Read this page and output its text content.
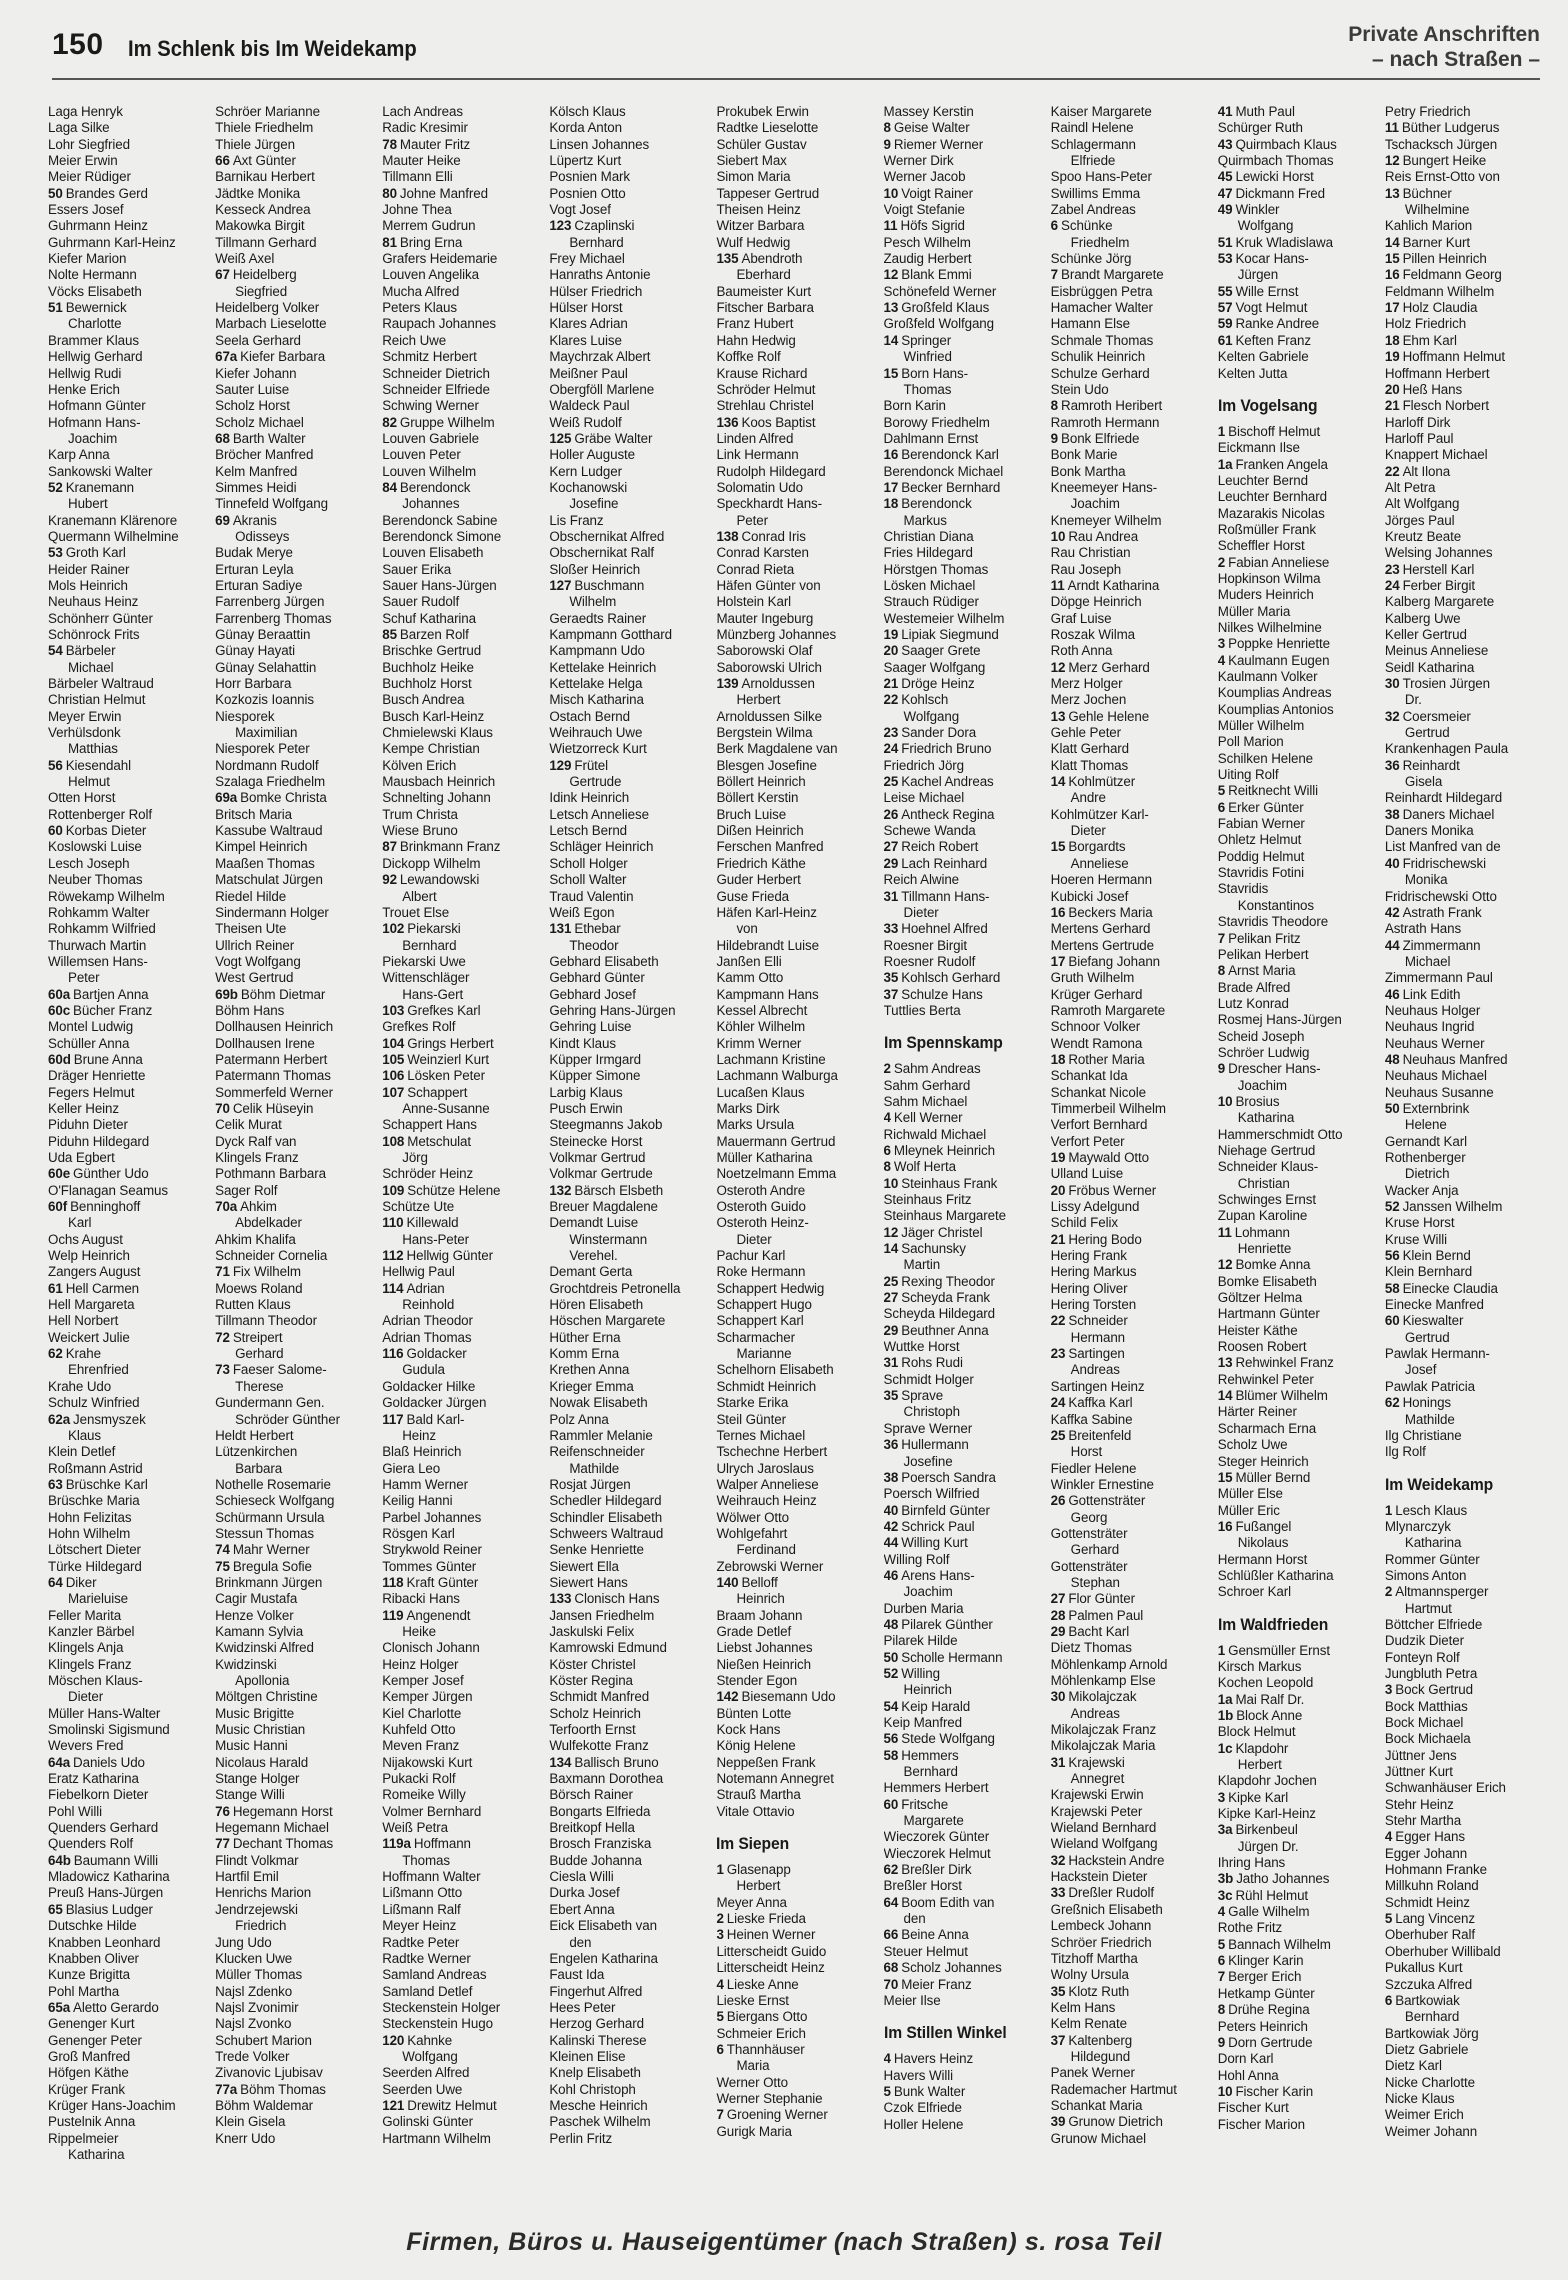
150 Im Schlenk bis Im Weidekamp
Private Anschriften
– nach Straßen –
Laga Henryk
Laga Silke
Lohr Siegfried
Meier Erwin
Meier Rüdiger
50 Brandes Gerd
Essers Josef
Guhrmann Heinz
Guhrmann Karl-Heinz
Kiefer Marion
Nolte Hermann
Vöcks Elisabeth
51 Bewernick
Charlotte
Brammer Klaus
Hellwig Gerhard
Hellwig Rudi
Henke Erich
Hofmann Günter
Hofmann Hans-
Joachim
Karp Anna
Sankowski Walter
52 Kranemann
Hubert
Kranemann Klärenore
Quermann Wilhelmine
53 Groth Karl
Heider Rainer
Mols Heinrich
Neuhaus Heinz
Schönherr Günter
Schönrock Frits
54 Bärbeler
Michael
Bärbeler Waltraud
Christian Helmut
Meyer Erwin
Verhülsdonk
Matthias
56 Kiesendahl
Helmut
Otten Horst
Rottenberger Rolf
60 Korbas Dieter
Koslowski Luise
Lesch Joseph
Neuber Thomas
Röwekamp Wilhelm
Rohkamm Walter
Rohkamm Wilfried
Thurwach Martin
Willemsen Hans-
Peter
60a Bartjen Anna
60c Bücher Franz
Montel Ludwig
Schüller Anna
60d Brune Anna
Dräger Henriette
Fegers Helmut
Keller Heinz
Piduhn Dieter
Piduhn Hildegard
Uda Egbert
60e Günther Udo
O'Flanagan Seamus
60f Benninghoff
Karl
Ochs August
Welp Heinrich
Zangers August
61 Hell Carmen
Hell Margareta
Hell Norbert
Weickert Julie
62 Krahe
Ehrenfried
Krahe Udo
Schulz Winfried
62a Jensmyszek
Klaus
Klein Detlef
Roßmann Astrid
63 Brüschke Karl
Brüschke Maria
Hohn Felizitas
Hohn Wilhelm
Lötschert Dieter
Türke Hildegard
64 Diker
Marieluise
Feller Marita
Kanzler Bärbel
Klingels Anja
Klingels Franz
Möschen Klaus-
Dieter
Müller Hans-Walter
Smolinski Sigismund
Wevers Fred
64a Daniels Udo
Eratz Katharina
Fiebelkorn Dieter
Pohl Willi
Quenders Gerhard
Quenders Rolf
64b Baumann Willi
Mladowicz Katharina
Preuß Hans-Jürgen
65 Blasius Ludger
Dutschke Hilde
Knabben Leonhard
Knabben Oliver
Kunze Brigitta
Pohl Martha
65a Aletto Gerardo
Genenger Kurt
Genenger Peter
Groß Manfred
Höfgen Käthe
Krüger Frank
Krüger Hans-Joachim
Pustelnik Anna
Rippelmeier
Katharina
Schröer Marianne
Thiele Friedhelm
Thiele Jürgen
66 Axt Günter
Barnikau Herbert
Jädtke Monika
Kesseck Andrea
Makowka Birgit
Tillmann Gerhard
Weiß Axel
67 Heidelberg
Siegfried
Heidelberg Volker
Marbach Lieselotte
Seela Gerhard
67a Kiefer Barbara
Kiefer Johann
Sauter Luise
Scholz Horst
Scholz Michael
68 Barth Walter
Bröcher Manfred
Kelm Manfred
Simmes Heidi
Tinnefeld Wolfgang
69 Akranis
Odisseys
Budak Merye
Erturan Leyla
Erturan Sadiye
Farrenberg Jürgen
Farrenberg Thomas
Günay Beraattin
Günay Hayati
Günay Selahattin
Horr Barbara
Kozkozis Ioannis
Niesporek
Maximilian
Niesporek Peter
Nordmann Rudolf
Szalaga Friedhelm
69a Bomke Christa
Britsch Maria
Kassube Waltraud
Kimpel Heinrich
Maaßen Thomas
Matschulat Jürgen
Riedel Hilde
Sindermann Holger
Theisen Ute
Ullrich Reiner
Vogt Wolfgang
West Gertrud
69b Böhm Dietmar
Böhm Hans
Dollhausen Heinrich
Dollhausen Irene
Patermann Herbert
Patermann Thomas
Sommerfeld Werner
70 Celik Hüseyin
Celik Murat
Dyck Ralf van
Klingels Franz
Pothmann Barbara
Sager Rolf
70a Ahkim
Abdelkader
Ahkim Khalifa
Schneider Cornelia
71 Fix Wilhelm
Moews Roland
Rutten Klaus
Tillmann Theodor
72 Streipert
Gerhard
73 Faeser Salome-
Therese
Gundermann Gen.
Schröder Günther
Heldt Herbert
Lützenkirchen
Barbara
Nothelle Rosemarie
Schieseck Wolfgang
Schürmann Ursula
Stessun Thomas
74 Mahr Werner
75 Bregula Sofie
Brinkmann Jürgen
Cagir Mustafa
Henze Volker
Kamann Sylvia
Kwidzinski Alfred
Kwidzinski
Apollonia
Möltgen Christine
Music Brigitte
Music Christian
Music Hanni
Nicolaus Harald
Stange Holger
Stange Willi
76 Hegemann Horst
Hegemann Michael
77 Dechant Thomas
Flindt Volkmar
Hartfil Emil
Henrichs Marion
Jendrzejewski
Friedrich
Jung Udo
Klucken Uwe
Müller Thomas
Najsl Zdenko
Najsl Zvonimir
Najsl Zvonko
Schubert Marion
Trede Volker
Zivanovic Ljubisav
77a Böhm Thomas
Böhm Waldemar
Klein Gisela
Knerr Udo
Lach Andreas
Radic Kresimir
78 Mauter Fritz
Mauter Heike
Tillmann Elli
80 Johne Manfred
Johne Thea
Merrem Gudrun
81 Bring Erna
Grafers Heidemarie
Louven Angelika
Mucha Alfred
Peters Klaus
Raupach Johannes
Reich Uwe
Schmitz Herbert
Schneider Dietrich
Schneider Elfriede
Schwing Werner
82 Gruppe Wilhelm
Louven Gabriele
Louven Peter
Louven Wilhelm
84 Berendonck
Johannes
Berendonck Sabine
Berendonck Simone
Louven Elisabeth
Sauer Erika
Sauer Hans-Jürgen
Sauer Rudolf
Schuf Katharina
85 Barzen Rolf
Brischke Gertrud
Buchholz Heike
Buchholz Horst
Busch Andrea
Busch Karl-Heinz
Chmielewski Klaus
Kempe Christian
Kölven Erich
Mausbach Heinrich
Schnelting Johann
Trum Christa
Wiese Bruno
87 Brinkmann Franz
Dickopp Wilhelm
92 Lewandowski
Albert
Trouet Else
102 Piekarski
Bernhard
Piekarski Uwe
Wittenschläger
Hans-Gert
103 Grefkes Karl
Grefkes Rolf
104 Grings Herbert
105 Weinzierl Kurt
106 Lösken Peter
107 Schappert
Anne-Susanne
Schappert Hans
108 Metschulat
Jörg
Schröder Heinz
109 Schütze Helene
Schütze Ute
110 Killewald
Hans-Peter
112 Hellwig Günter
Hellwig Paul
114 Adrian
Reinhold
Adrian Theodor
Adrian Thomas
116 Goldacker
Gudula
Goldacker Hilke
Goldacker Jürgen
117 Bald Karl-
Heinz
Blaß Heinrich
Giera Leo
Hamm Werner
Keilig Hanni
Parbel Johannes
Rösgen Karl
Strykwold Reiner
Tommes Günter
118 Kraft Günter
Ribacki Hans
119 Angenendt
Heike
Clonisch Johann
Heinz Holger
Kemper Josef
Kemper Jürgen
Kiel Charlotte
Kuhfeld Otto
Meven Franz
Nijakowski Kurt
Pukacki Rolf
Romeike Willy
Volmer Bernhard
Weiß Petra
119a Hoffmann
Thomas
Hoffmann Walter
Lißmann Otto
Lißmann Ralf
Meyer Heinz
Radtke Peter
Radtke Werner
Samland Andreas
Samland Detlef
Steckenstein Holger
Steckenstein Hugo
120 Kahnke
Wolfgang
Seerden Alfred
Seerden Uwe
121 Drewitz Helmut
Golinski Günter
Hartmann Wilhelm
Kölsch Klaus
Korda Anton
Linsen Johannes
Lüpertz Kurt
Posnien Mark
Posnien Otto
Vogt Josef
123 Czaplinski
Bernhard
Frey Michael
Hanraths Antonie
Hülser Friedrich
Hülser Horst
Klares Adrian
Klares Luise
Maychrzak Albert
Meißner Paul
Obergföll Marlene
Waldeck Paul
Weiß Rudolf
125 Gräbe Walter
Holler Auguste
Kern Ludger
Kochanowski
Josefine
Lis Franz
Obschernikat Alfred
Obschernikat Ralf
Sloßer Heinrich
127 Buschmann
Wilhelm
Geraedts Rainer
Kampmann Gotthard
Kampmann Udo
Kettelake Heinrich
Kettelake Helga
Misch Katharina
Ostach Bernd
Weihrauch Uwe
Wietzorreck Kurt
129 Frütel
Gertrude
Idink Heinrich
Letsch Anneliese
Letsch Bernd
Schläger Heinrich
Scholl Holger
Scholl Walter
Traud Valentin
Weiß Egon
131 Ethebar
Theodor
Gebhard Elisabeth
Gebhard Günter
Gebhard Josef
Gehring Hans-Jürgen
Gehring Luise
Kindt Klaus
Küpper Irmgard
Küpper Simone
Larbig Klaus
Pusch Erwin
Steegmanns Jakob
Steinecke Horst
Volkmar Gertrud
Volkmar Gertrude
132 Bärsch Elsbeth
Breuer Magdalene
Demandt Luise
Winstermann
Verehel.
Demant Gerta
Grochtdreis Petronella
Hören Elisabeth
Höschen Margarete
Hüther Erna
Komm Erna
Krethen Anna
Krieger Emma
Nowak Elisabeth
Polz Anna
Rammler Melanie
Reifenschneider
Mathilde
Rosjat Jürgen
Schedler Hildegard
Schindler Elisabeth
Schweers Waltraud
Senke Henriette
Siewert Ella
Siewert Hans
133 Clonisch Hans
Jansen Friedhelm
Jaskulski Felix
Kamrowski Edmund
Köster Christel
Köster Regina
Schmidt Manfred
Scholz Heinrich
Terfoorth Ernst
Wulfekotte Franz
134 Ballisch Bruno
Baxmann Dorothea
Börsch Rainer
Bongarts Elfrieda
Breitkopf Hella
Brosch Franziska
Budde Johanna
Ciesla Willi
Durka Josef
Ebert Anna
Eick Elisabeth van
den
Engelen Katharina
Faust Ida
Fingerhut Alfred
Hees Peter
Herzog Gerhard
Kalinski Therese
Kleinen Elise
Knelp Elisabeth
Kohl Christoph
Mesche Heinrich
Paschek Wilhelm
Perlin Fritz
Prokubek Erwin
Radtke Lieselotte
Schüler Gustav
Siebert Max
Simon Maria
Tappeser Gertrud
Theisen Heinz
Witzer Barbara
Wulf Hedwig
135 Abendroth
Eberhard
Baumeister Kurt
Fitscher Barbara
Franz Hubert
Hahn Hedwig
Koffke Rolf
Krause Richard
Schröder Helmut
Strehlau Christel
136 Koos Baptist
Linden Alfred
Link Hermann
Rudolph Hildegard
Solomatin Udo
Speckhardt Hans-
Peter
138 Conrad Iris
Conrad Karsten
Conrad Rieta
Häfen Günter von
Holstein Karl
Mauter Ingeburg
Münzberg Johannes
Saborowski Olaf
Saborowski Ulrich
139 Arnoldussen
Herbert
Arnoldussen Silke
Bergstein Wilma
Berk Magdalene van
Blesgen Josefine
Böllert Heinrich
Böllert Kerstin
Bruch Luise
Dißen Heinrich
Ferschen Manfred
Friedrich Käthe
Guder Herbert
Guse Frieda
Häfen Karl-Heinz
von
Hildebrandt Luise
Janßen Elli
Kamm Otto
Kampmann Hans
Kessel Albrecht
Köhler Wilhelm
Krimm Werner
Lachmann Kristine
Lachmann Walburga
Lucaßen Klaus
Marks Dirk
Marks Ursula
Mauermann Gertrud
Müller Katharina
Noetzelmann Emma
Osteroth Andre
Osteroth Guido
Osteroth Heinz-
Dieter
Pachur Karl
Roke Hermann
Schappert Hedwig
Schappert Hugo
Schappert Karl
Scharmacher
Marianne
Schelhorn Elisabeth
Schmidt Heinrich
Starke Erika
Steil Günter
Ternes Michael
Tschechne Herbert
Ulrych Jaroslaus
Walper Anneliese
Weihrauch Heinz
Wölwer Otto
Wohlgefahrt
Ferdinand
Zebrowski Werner
140 Belloff
Heinrich
Braam Johann
Grade Detlef
Liebst Johannes
Nießen Heinrich
Stender Egon
142 Biesemann Udo
Bünten Lotte
Kock Hans
König Helene
Neppeßen Frank
Notemann Annegret
Strauß Martha
Vitale Ottavio
Im Siepen
1 Glasenapp
Herbert
Meyer Anna
2 Lieske Frieda
3 Heinen Werner
Litterscheidt Guido
Litterscheidt Heinz
4 Lieske Anne
Lieske Ernst
5 Biergans Otto
Schmeier Erich
6 Thannhäuser
Maria
Werner Otto
Werner Stephanie
7 Groening Werner
Gurigk Maria
Massey Kerstin
8 Geise Walter
9 Riemer Werner
Werner Dirk
Werner Jacob
10 Voigt Rainer
Voigt Stefanie
11 Höfs Sigrid
Pesch Wilhelm
Zaudig Herbert
12 Blank Emmi
Schönefeld Werner
13 Großfeld Klaus
Großfeld Wolfgang
14 Springer
Winfried
15 Born Hans-
Thomas
Born Karin
Borowy Friedhelm
Dahlmann Ernst
16 Berendonck Karl
Berendonck Michael
17 Becker Bernhard
18 Berendonck
Markus
Christian Diana
Fries Hildegard
Hörstgen Thomas
Lösken Michael
Strauch Rüdiger
Westemeier Wilhelm
19 Lipiak Siegmund
20 Saager Grete
Saager Wolfgang
21 Dröge Heinz
22 Kohlsch
Wolfgang
23 Sander Dora
24 Friedrich Bruno
Friedrich Jörg
25 Kachel Andreas
Leise Michael
26 Antheck Regina
Schewe Wanda
27 Reich Robert
29 Lach Reinhard
Reich Alwine
31 Tillmann Hans-
Dieter
33 Hoehnel Alfred
Roesner Birgit
Roesner Rudolf
35 Kohlsch Gerhard
37 Schulze Hans
Tuttlies Berta
Im Spennskamp
2 Sahm Andreas
Sahm Gerhard
Sahm Michael
4 Kell Werner
Richwald Michael
6 Mleynek Heinrich
8 Wolf Herta
10 Steinhaus Frank
Steinhaus Fritz
Steinhaus Margarete
12 Jäger Christel
14 Sachunsky
Martin
25 Rexing Theodor
27 Scheyda Frank
Scheyda Hildegard
29 Beuthner Anna
Wuttke Horst
31 Rohs Rudi
Schmidt Holger
35 Sprave
Christoph
Sprave Werner
36 Hullermann
Josefine
38 Poersch Sandra
Poersch Wilfried
40 Birnfeld Günter
42 Schrick Paul
44 Willing Kurt
Willing Rolf
46 Arens Hans-
Joachim
Durben Maria
48 Pilarek Günther
Pilarek Hilde
50 Scholle Hermann
52 Willing
Heinrich
54 Keip Harald
Keip Manfred
56 Stede Wolfgang
58 Hemmers
Bernhard
Hemmers Herbert
60 Fritsche
Margarete
Wieczorek Günter
Wieczorek Helmut
62 Breßler Dirk
Breßler Horst
64 Boom Edith van
den
66 Beine Anna
Steuer Helmut
68 Scholz Johannes
70 Meier Franz
Meier Ilse
Im Stillen Winkel
4 Havers Heinz
Havers Willi
5 Bunk Walter
Czok Elfriede
Holler Helene
Kaiser Margarete
Raindl Helene
Schlagermann
Elfriede
Spoo Hans-Peter
Swillims Emma
Zabel Andreas
6 Schünke
Friedhelm
Schünke Jörg
7 Brandt Margarete
Eisbrüggen Petra
Hamacher Walter
Hamann Else
Schmale Thomas
Schulik Heinrich
Schulze Gerhard
Stein Udo
8 Ramroth Heribert
Ramroth Hermann
9 Bonk Elfriede
Bonk Marie
Bonk Martha
Kneemeyer Hans-
Joachim
Knemeyer Wilhelm
10 Rau Andrea
Rau Christian
Rau Joseph
11 Arndt Katharina
Döpge Heinrich
Graf Luise
Roszak Wilma
Roth Anna
12 Merz Gerhard
Merz Holger
Merz Jochen
13 Gehle Helene
Gehle Peter
Klatt Gerhard
Klatt Thomas
14 Kohlmützer
Andre
Kohlmützer Karl-
Dieter
15 Borgardts
Anneliese
Hoeren Hermann
Kubicki Josef
16 Beckers Maria
Mertens Gerhard
Mertens Gertrude
17 Biefang Johann
Gruth Wilhelm
Krüger Gerhard
Ramroth Margarete
Schnoor Volker
Wendt Ramona
18 Rother Maria
Schankat Ida
Schankat Nicole
Timmerbeil Wilhelm
Verfort Bernhard
Verfort Peter
19 Maywald Otto
Ulland Luise
20 Fröbus Werner
Lissy Adelgund
Schild Felix
21 Hering Bodo
Hering Frank
Hering Markus
Hering Oliver
Hering Torsten
22 Schneider
Hermann
23 Sartingen
Andreas
Sartingen Heinz
24 Kaffka Karl
Kaffka Sabine
25 Breitenfeld
Horst
Fiedler Helene
Winkler Ernestine
26 Gottensträter
Georg
Gottensträter
Gerhard
Gottensträter
Stephan
27 Flor Günter
28 Palmen Paul
29 Bacht Karl
Dietz Thomas
Möhlenkamp Arnold
Möhlenkamp Else
30 Mikolajczak
Andreas
Mikolajczak Franz
Mikolajczak Maria
31 Krajewski
Annegret
Krajewski Erwin
Krajewski Peter
Wieland Bernhard
Wieland Wolfgang
32 Hackstein Andre
Hackstein Dieter
33 Dreßler Rudolf
Greßnich Elisabeth
Lembeck Johann
Schröer Friedrich
Titzhoff Martha
Wolny Ursula
35 Klotz Ruth
Kelm Hans
Kelm Renate
37 Kaltenberg
Hildegund
Panek Werner
Rademacher Hartmut
Schankat Maria
39 Grunow Dietrich
Grunow Michael
41 Muth Paul
Schürger Ruth
43 Quirmbach Klaus
Quirmbach Thomas
45 Lewicki Horst
47 Dickmann Fred
49 Winkler
Wolfgang
51 Kruk Wladislawa
53 Kocar Hans-
Jürgen
55 Wille Ernst
57 Vogt Helmut
59 Ranke Andree
61 Keften Franz
Kelten Gabriele
Kelten Jutta
Im Vogelsang
1 Bischoff Helmut
Eickmann Ilse
1a Franken Angela
Leuchter Bernd
Leuchter Bernhard
Mazarakis Nicolas
Roßmüller Frank
Scheffler Horst
2 Fabian Anneliese
Hopkinson Wilma
Muders Heinrich
Müller Maria
Nilkes Wilhelmine
3 Poppke Henriette
4 Kaulmann Eugen
Kaulmann Volker
Koumplias Andreas
Koumplias Antonios
Müller Wilhelm
Poll Marion
Schilken Helene
Uiting Rolf
5 Reitknecht Willi
6 Erker Günter
Fabian Werner
Ohletz Helmut
Poddig Helmut
Stavridis Fotini
Stavridis
Konstantinos
Stavridis Theodore
7 Pelikan Fritz
Pelikan Herbert
8 Arnst Maria
Brade Alfred
Lutz Konrad
Rosmej Hans-Jürgen
Scheid Joseph
Schröer Ludwig
9 Drescher Hans-
Joachim
10 Brosius
Katharina
Hammerschmidt Otto
Niehage Gertrud
Schneider Klaus-
Christian
Schwinges Ernst
Zupan Karoline
11 Lohmann
Henriette
12 Bomke Anna
Bomke Elisabeth
Göltzer Helma
Hartmann Günter
Heister Käthe
Roosen Robert
13 Rehwinkel Franz
Rehwinkel Peter
14 Blümer Wilhelm
Härter Reiner
Scharmach Erna
Scholz Uwe
Steger Heinrich
15 Müller Bernd
Müller Else
Müller Eric
16 Fußangel
Nikolaus
Hermann Horst
Schlüßler Katharina
Schroer Karl
Im Waldfrieden
1 Gensmüller Ernst
Kirsch Markus
Kochen Leopold
1a Mai Ralf Dr.
1b Block Anne
Block Helmut
1c Klapdohr
Herbert
Klapdohr Jochen
3 Kipke Karl
Kipke Karl-Heinz
3a Birkenbeul
Jürgen Dr.
Ihring Hans
3b Jatho Johannes
3c Rühl Helmut
4 Galle Wilhelm
Rothe Fritz
5 Bannach Wilhelm
6 Klinger Karin
7 Berger Erich
Hetkamp Günter
8 Drühe Regina
Peters Heinrich
9 Dorn Gertrude
Dorn Karl
Hohl Anna
10 Fischer Karin
Fischer Kurt
Fischer Marion
Petry Friedrich
11 Büther Ludgerus
Tschacksch Jürgen
12 Bungert Heike
Reis Ernst-Otto von
13 Büchner
Wilhelmine
Kahlich Marion
14 Barner Kurt
15 Pillen Heinrich
16 Feldmann Georg
Feldmann Wilhelm
17 Holz Claudia
Holz Friedrich
18 Ehm Karl
19 Hoffmann Helmut
Hoffmann Herbert
20 Heß Hans
21 Flesch Norbert
Harloff Dirk
Harloff Paul
Knappert Michael
22 Alt Ilona
Alt Petra
Alt Wolfgang
Jörges Paul
Kreutz Beate
Welsing Johannes
23 Herstell Karl
24 Ferber Birgit
Kalberg Margarete
Kalberg Uwe
Keller Gertrud
Meinus Anneliese
Seidl Katharina
30 Trosien Jürgen
Dr.
32 Coersmeier
Gertrud
Krankenhagen Paula
36 Reinhardt
Gisela
Reinhardt Hildegard
38 Daners Michael
Daners Monika
List Manfred van de
40 Fridrischewski
Monika
Fridrischewski Otto
42 Astrath Frank
Astrath Hans
44 Zimmermann
Michael
Zimmermann Paul
46 Link Edith
Neuhaus Holger
Neuhaus Ingrid
Neuhaus Werner
48 Neuhaus Manfred
Neuhaus Michael
Neuhaus Susanne
50 Externbrink
Helene
Gernandt Karl
Rothenberger
Dietrich
Wacker Anja
52 Janssen Wilhelm
Kruse Horst
Kruse Willi
56 Klein Bernd
Klein Bernhard
58 Einecke Claudia
Einecke Manfred
60 Kieswalter
Gertrud
Pawlak Hermann-
Josef
Pawlak Patricia
62 Honings
Mathilde
Ilg Christiane
Ilg Rolf
Im Weidekamp
1 Lesch Klaus
Mlynarczyk
Katharina
Rommer Günter
Simons Anton
2 Altmannsperger
Hartmut
Böttcher Elfriede
Dudzik Dieter
Fonteyn Rolf
Jungbluth Petra
3 Bock Gertrud
Bock Matthias
Bock Michael
Bock Michaela
Jüttner Jens
Jüttner Kurt
Schwanhäuser Erich
Stehr Heinz
Stehr Martha
4 Egger Hans
Egger Johann
Hohmann Franke
Millkuhn Roland
Schmidt Heinz
5 Lang Vincenz
Oberhuber Ralf
Oberhuber Willibald
Pukallus Kurt
Szczuka Alfred
6 Bartkowiak
Bernhard
Bartkowiak Jörg
Dietz Gabriele
Dietz Karl
Nicke Charlotte
Nicke Klaus
Weimer Erich
Weimer Johann
Firmen, Büros u. Hauseigentümer (nach Straßen) s. rosa Teil
